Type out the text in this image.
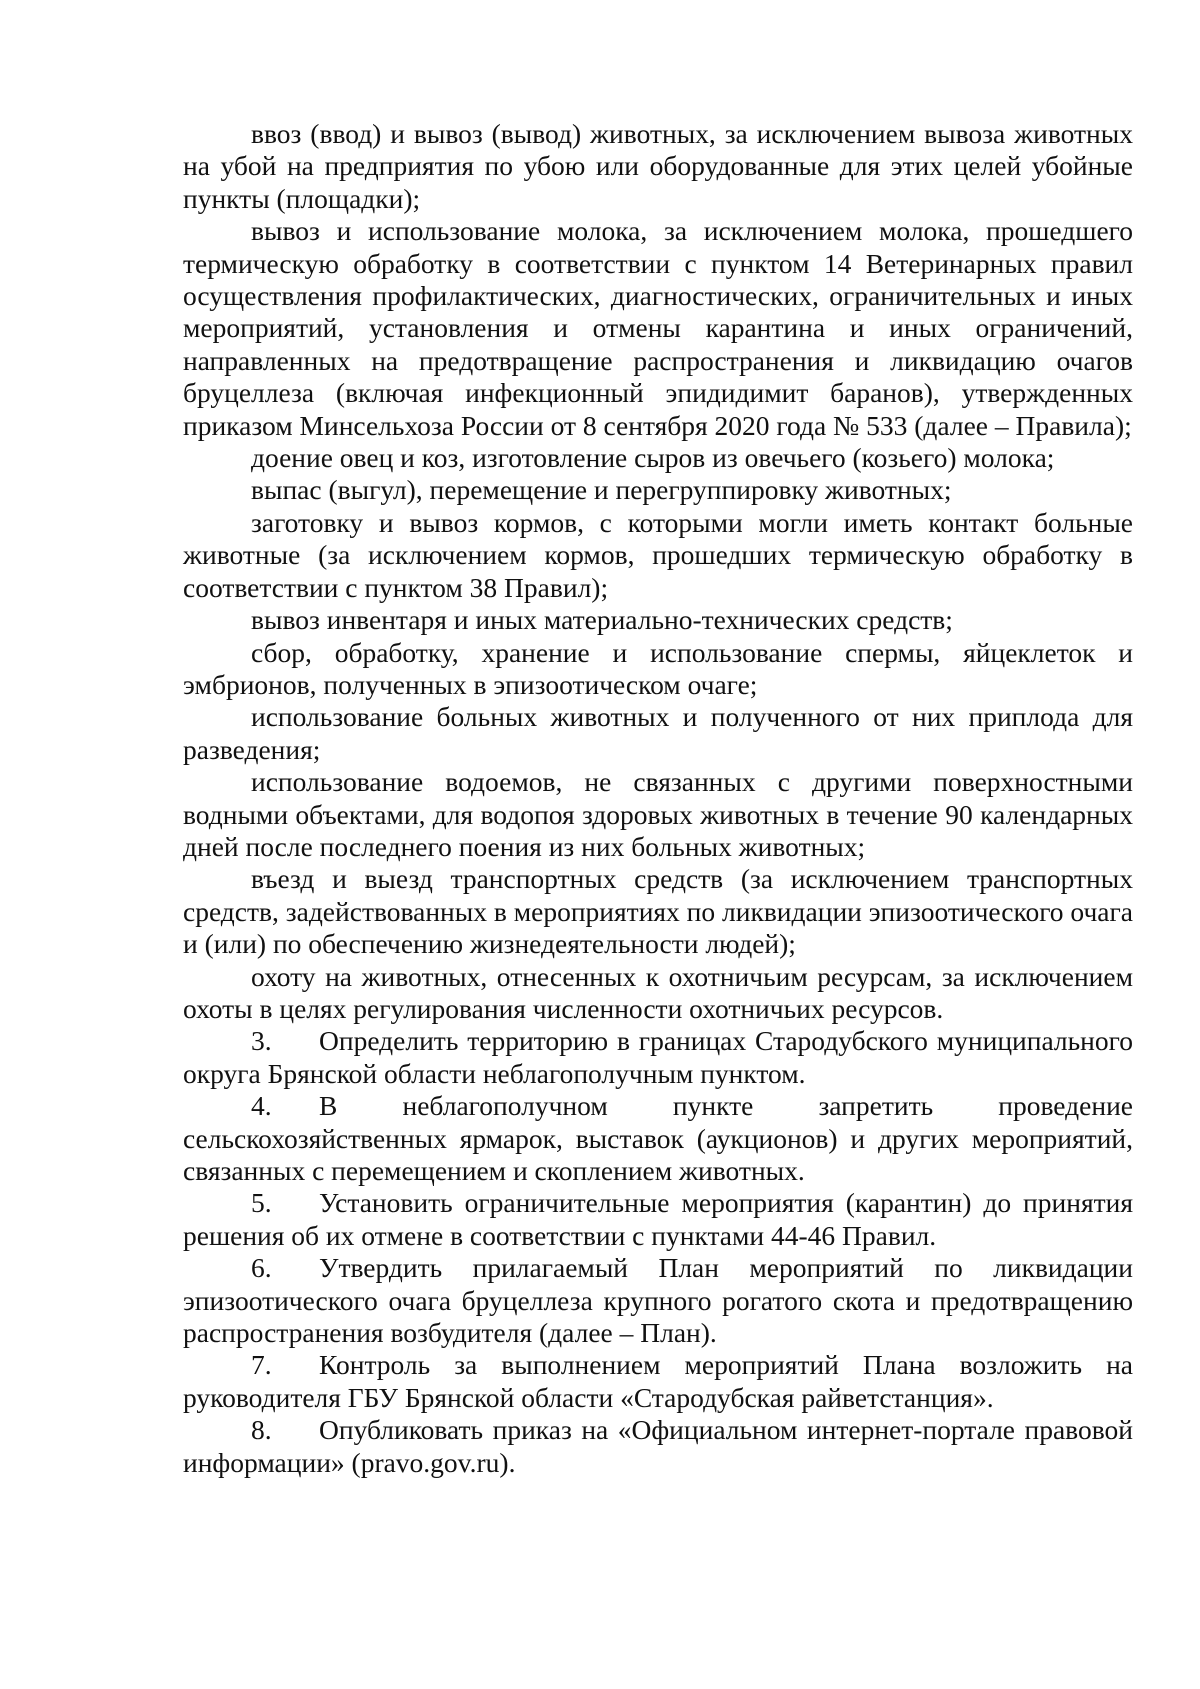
ввоз (ввод) и вывоз (вывод) животных, за исключением вывоза животных на убой на предприятия по убою или оборудованные для этих целей убойные пункты (площадки);

вывоз и использование молока, за исключением молока, прошедшего термическую обработку в соответствии с пунктом 14 Ветеринарных правил осуществления профилактических, диагностических, ограничительных и иных мероприятий, установления и отмены карантина и иных ограничений, направленных на предотвращение распространения и ликвидацию очагов бруцеллеза (включая инфекционный эпидидимит баранов), утвержденных приказом Минсельхоза России от 8 сентября 2020 года № 533 (далее – Правила);

доение овец и коз, изготовление сыров из овечьего (козьего) молока;

выпас (выгул), перемещение и перегруппировку животных;

заготовку и вывоз кормов, с которыми могли иметь контакт больные животные (за исключением кормов, прошедших термическую обработку в соответствии с пунктом 38 Правил);

вывоз инвентаря и иных материально-технических средств;

сбор, обработку, хранение и использование спермы, яйцеклеток и эмбрионов, полученных в эпизоотическом очаге;

использование больных животных и полученного от них приплода для разведения;

использование водоемов, не связанных с другими поверхностными водными объектами, для водопоя здоровых животных в течение 90 календарных дней после последнего поения из них больных животных;

въезд и выезд транспортных средств (за исключением транспортных средств, задействованных в мероприятиях по ликвидации эпизоотического очага и (или) по обеспечению жизнедеятельности людей);

охоту на животных, отнесенных к охотничьим ресурсам, за исключением охоты в целях регулирования численности охотничьих ресурсов.

3. Определить территорию в границах Стародубского муниципального округа Брянской области неблагополучным пунктом.

4. В неблагополучном пункте запретить проведение сельскохозяйственных ярмарок, выставок (аукционов) и других мероприятий, связанных с перемещением и скоплением животных.

5. Установить ограничительные мероприятия (карантин) до принятия решения об их отмене в соответствии с пунктами 44-46 Правил.

6. Утвердить прилагаемый План мероприятий по ликвидации эпизоотического очага бруцеллеза крупного рогатого скота и предотвращению распространения возбудителя (далее – План).

7. Контроль за выполнением мероприятий Плана возложить на руководителя ГБУ Брянской области «Стародубская райветстанция».

8. Опубликовать приказ на «Официальном интернет-портале правовой информации» (pravo.gov.ru).
